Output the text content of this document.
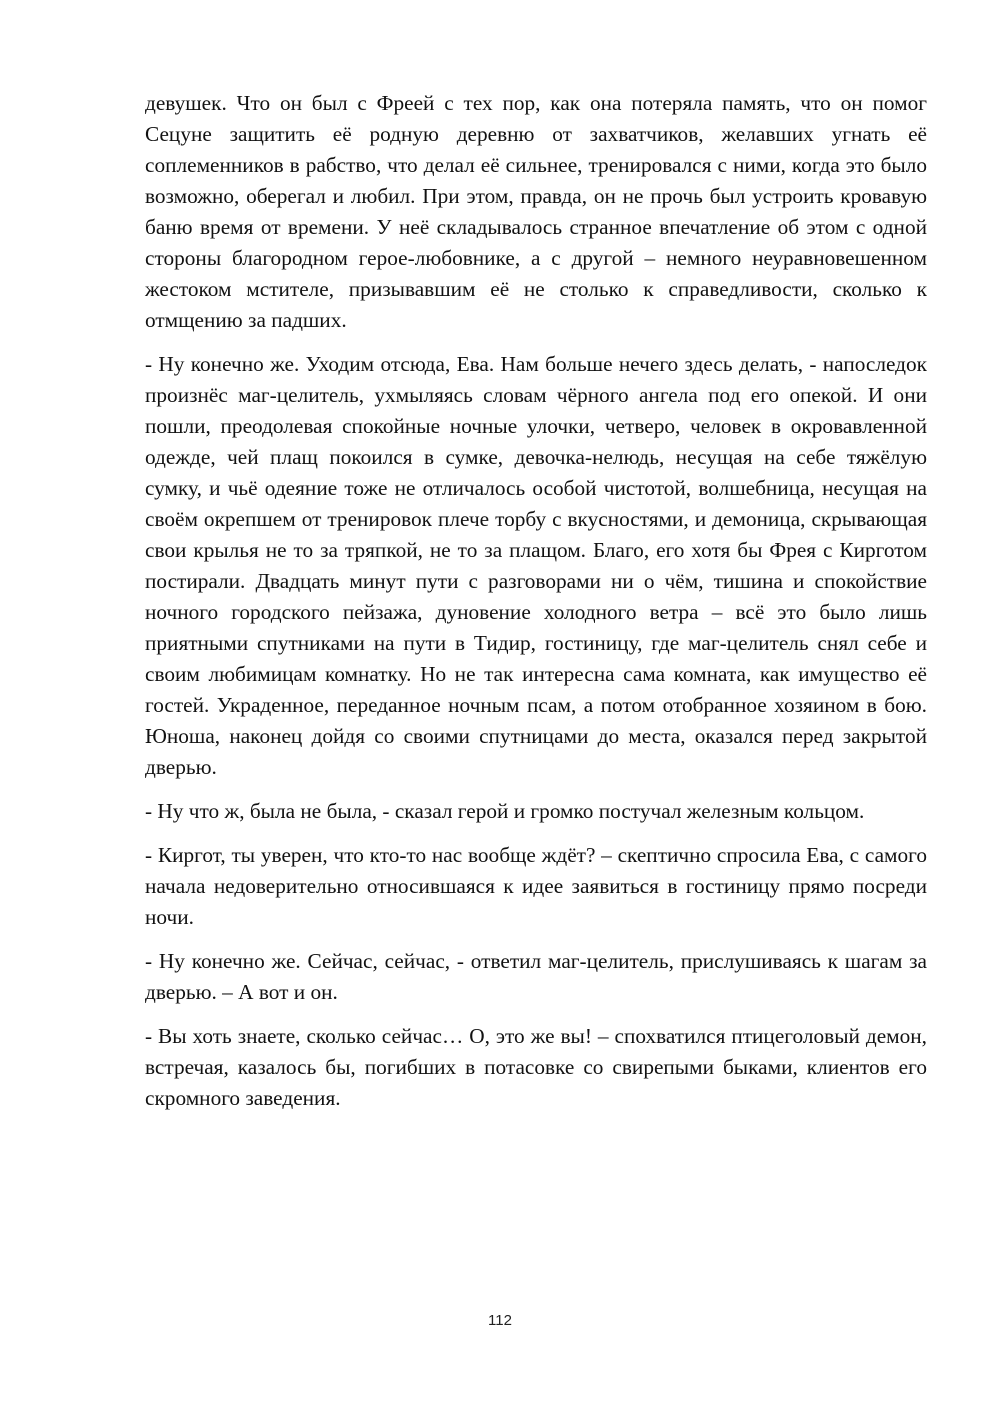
девушек. Что он был с Фреей с тех пор, как она потеряла память, что он помог Сецуне защитить её родную деревню от захватчиков, желавших угнать её соплеменников в рабство, что делал её сильнее, тренировался с ними, когда это было возможно, оберегал и любил. При этом, правда, он не прочь был устроить кровавую баню время от времени. У неё складывалось странное впечатление об этом с одной стороны благородном герое-любовнике, а с другой – немного неуравновешенном жестоком мстителе, призывавшим её не столько к справедливости, сколько к отмщению за падших.

- Ну конечно же. Уходим отсюда, Ева. Нам больше нечего здесь делать, - напоследок произнёс маг-целитель, ухмыляясь словам чёрного ангела под его опекой. И они пошли, преодолевая спокойные ночные улочки, четверо, человек в окровавленной одежде, чей плащ покоился в сумке, девочка-нелюдь, несущая на себе тяжёлую сумку, и чьё одеяние тоже не отличалось особой чистотой, волшебница, несущая на своём окрепшем от тренировок плече торбу с вкусностями, и демоница, скрывающая свои крылья не то за тряпкой, не то за плащом. Благо, его хотя бы Фрея с Кирготом постирали. Двадцать минут пути с разговорами ни о чём, тишина и спокойствие ночного городского пейзажа, дуновение холодного ветра – всё это было лишь приятными спутниками на пути в Тидир, гостиницу, где маг-целитель снял себе и своим любимицам комнатку. Но не так интересна сама комната, как имущество её гостей. Украденное, переданное ночным псам, а потом отобранное хозяином в бою. Юноша, наконец дойдя со своими спутницами до места, оказался перед закрытой дверью.

- Ну что ж, была не была, - сказал герой и громко постучал железным кольцом.

- Киргот, ты уверен, что кто-то нас вообще ждёт? – скептично спросила Ева, с самого начала недоверительно относившаяся к идее заявиться в гостиницу прямо посреди ночи.

- Ну конечно же. Сейчас, сейчас, - ответил маг-целитель, прислушиваясь к шагам за дверью. – А вот и он.

- Вы хоть знаете, сколько сейчас… О, это же вы! – спохватился птицеголовый демон, встречая, казалось бы, погибших в потасовке со свирепыми быками, клиентов его скромного заведения.

112
